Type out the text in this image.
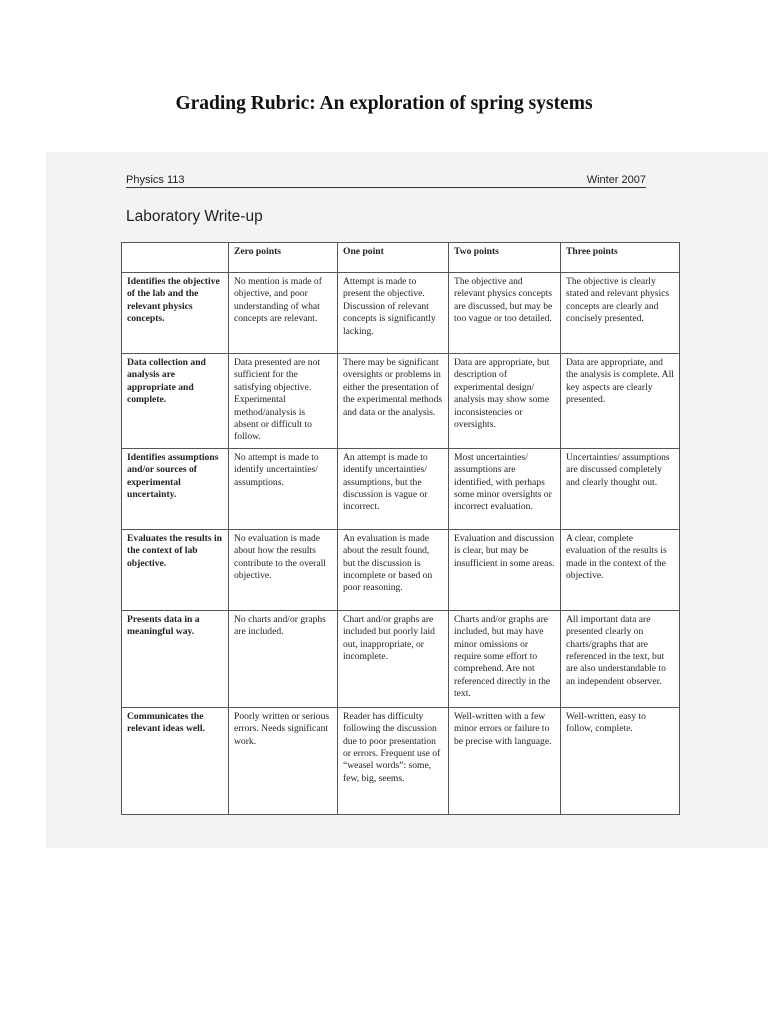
Grading Rubric: An exploration of spring systems
Physics 113	Winter 2007
Laboratory Write-up
	Zero points	One point	Two points	Three points
Identifies the objective of the lab and the relevant physics concepts.	No mention is made of objective, and poor understanding of what concepts are relevant.	Attempt is made to present the objective. Discussion of relevant concepts is significantly lacking.	The objective and relevant physics concepts are discussed, but may be too vague or too detailed.	The objective is clearly stated and relevant physics concepts are clearly and concisely presented.
Data collection and analysis are appropriate and complete.	Data presented are not sufficient for the satisfying objective. Experimental method/analysis is absent or difficult to follow.	There may be significant oversights or problems in either the presentation of the experimental methods and data or the analysis.	Data are appropriate, but description of experimental design/ analysis may show some inconsistencies or oversights.	Data are appropriate, and the analysis is complete. All key aspects are clearly presented.
Identifies assumptions and/or sources of experimental uncertainty.	No attempt is made to identify uncertainties/ assumptions.	An attempt is made to identify uncertainties/ assumptions, but the discussion is vague or incorrect.	Most uncertainties/ assumptions are identified, with perhaps some minor oversights or incorrect evaluation.	Uncertainties/ assumptions are discussed completely and clearly thought out.
Evaluates the results in the context of lab objective.	No evaluation is made about how the results contribute to the overall objective.	An evaluation is made about the result found, but the discussion is incomplete or based on poor reasoning.	Evaluation and discussion is clear, but may be insufficient in some areas.	A clear, complete evaluation of the results is made in the context of the objective.
Presents data in a meaningful way.	No charts and/or graphs are included.	Chart and/or graphs are included but poorly laid out, inappropriate, or incomplete.	Charts and/or graphs are included, but may have minor omissions or require some effort to comprehend. Are not referenced directly in the text.	All important data are presented clearly on charts/graphs that are referenced in the text, but are also understandable to an independent observer.
Communicates the relevant ideas well.	Poorly written or serious errors. Needs significant work.	Reader has difficulty following the discussion due to poor presentation or errors. Frequent use of “weasel words”: some, few, big, seems.	Well-written with a few minor errors or failure to be precise with language.	Well-written, easy to follow, complete.
